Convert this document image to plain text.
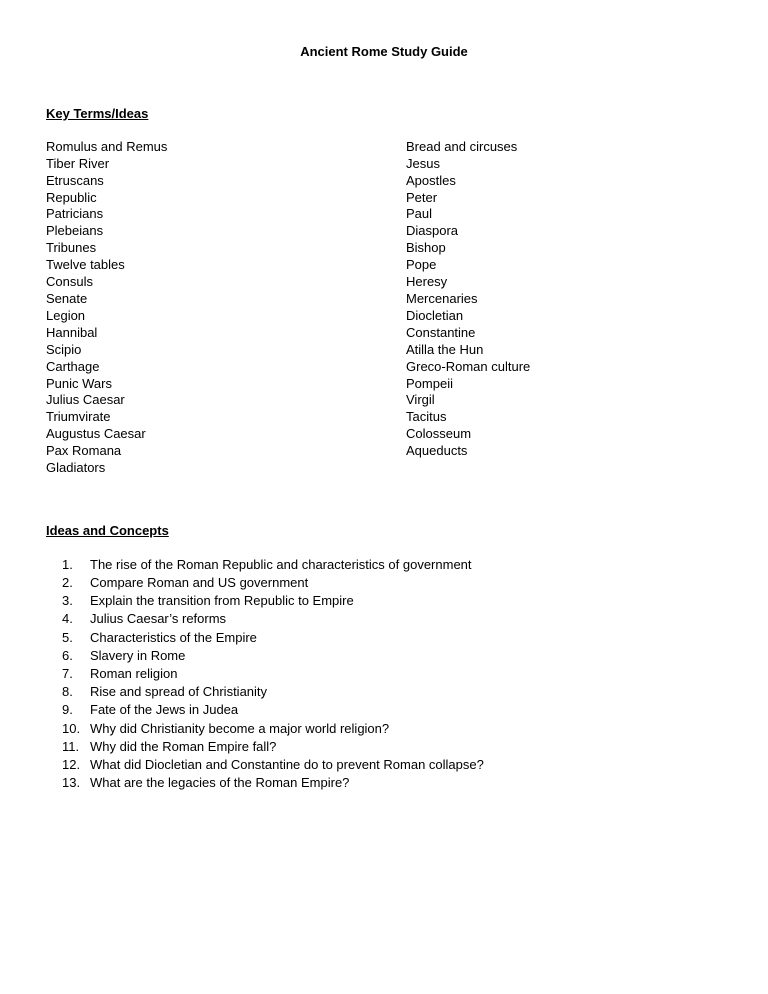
Ancient Rome Study Guide
Key Terms/Ideas
Romulus and Remus
Tiber River
Etruscans
Republic
Patricians
Plebeians
Tribunes
Twelve tables
Consuls
Senate
Legion
Hannibal
Scipio
Carthage
Punic Wars
Julius Caesar
Triumvirate
Augustus Caesar
Pax Romana
Gladiators
Bread and circuses
Jesus
Apostles
Peter
Paul
Diaspora
Bishop
Pope
Heresy
Mercenaries
Diocletian
Constantine
Atilla the Hun
Greco-Roman culture
Pompeii
Virgil
Tacitus
Colosseum
Aqueducts
Ideas and Concepts
1.	The rise of the Roman Republic and characteristics of government
2.	Compare Roman and US government
3.	Explain the transition from Republic to Empire
4.	Julius Caesar’s reforms
5.	Characteristics of the Empire
6.	Slavery in Rome
7.	Roman religion
8.	Rise and spread of Christianity
9.	Fate of the Jews in Judea
10. Why did Christianity become a major world religion?
11. Why did the Roman Empire fall?
12. What did Diocletian and Constantine do to prevent Roman collapse?
13. What are the legacies of the Roman Empire?
